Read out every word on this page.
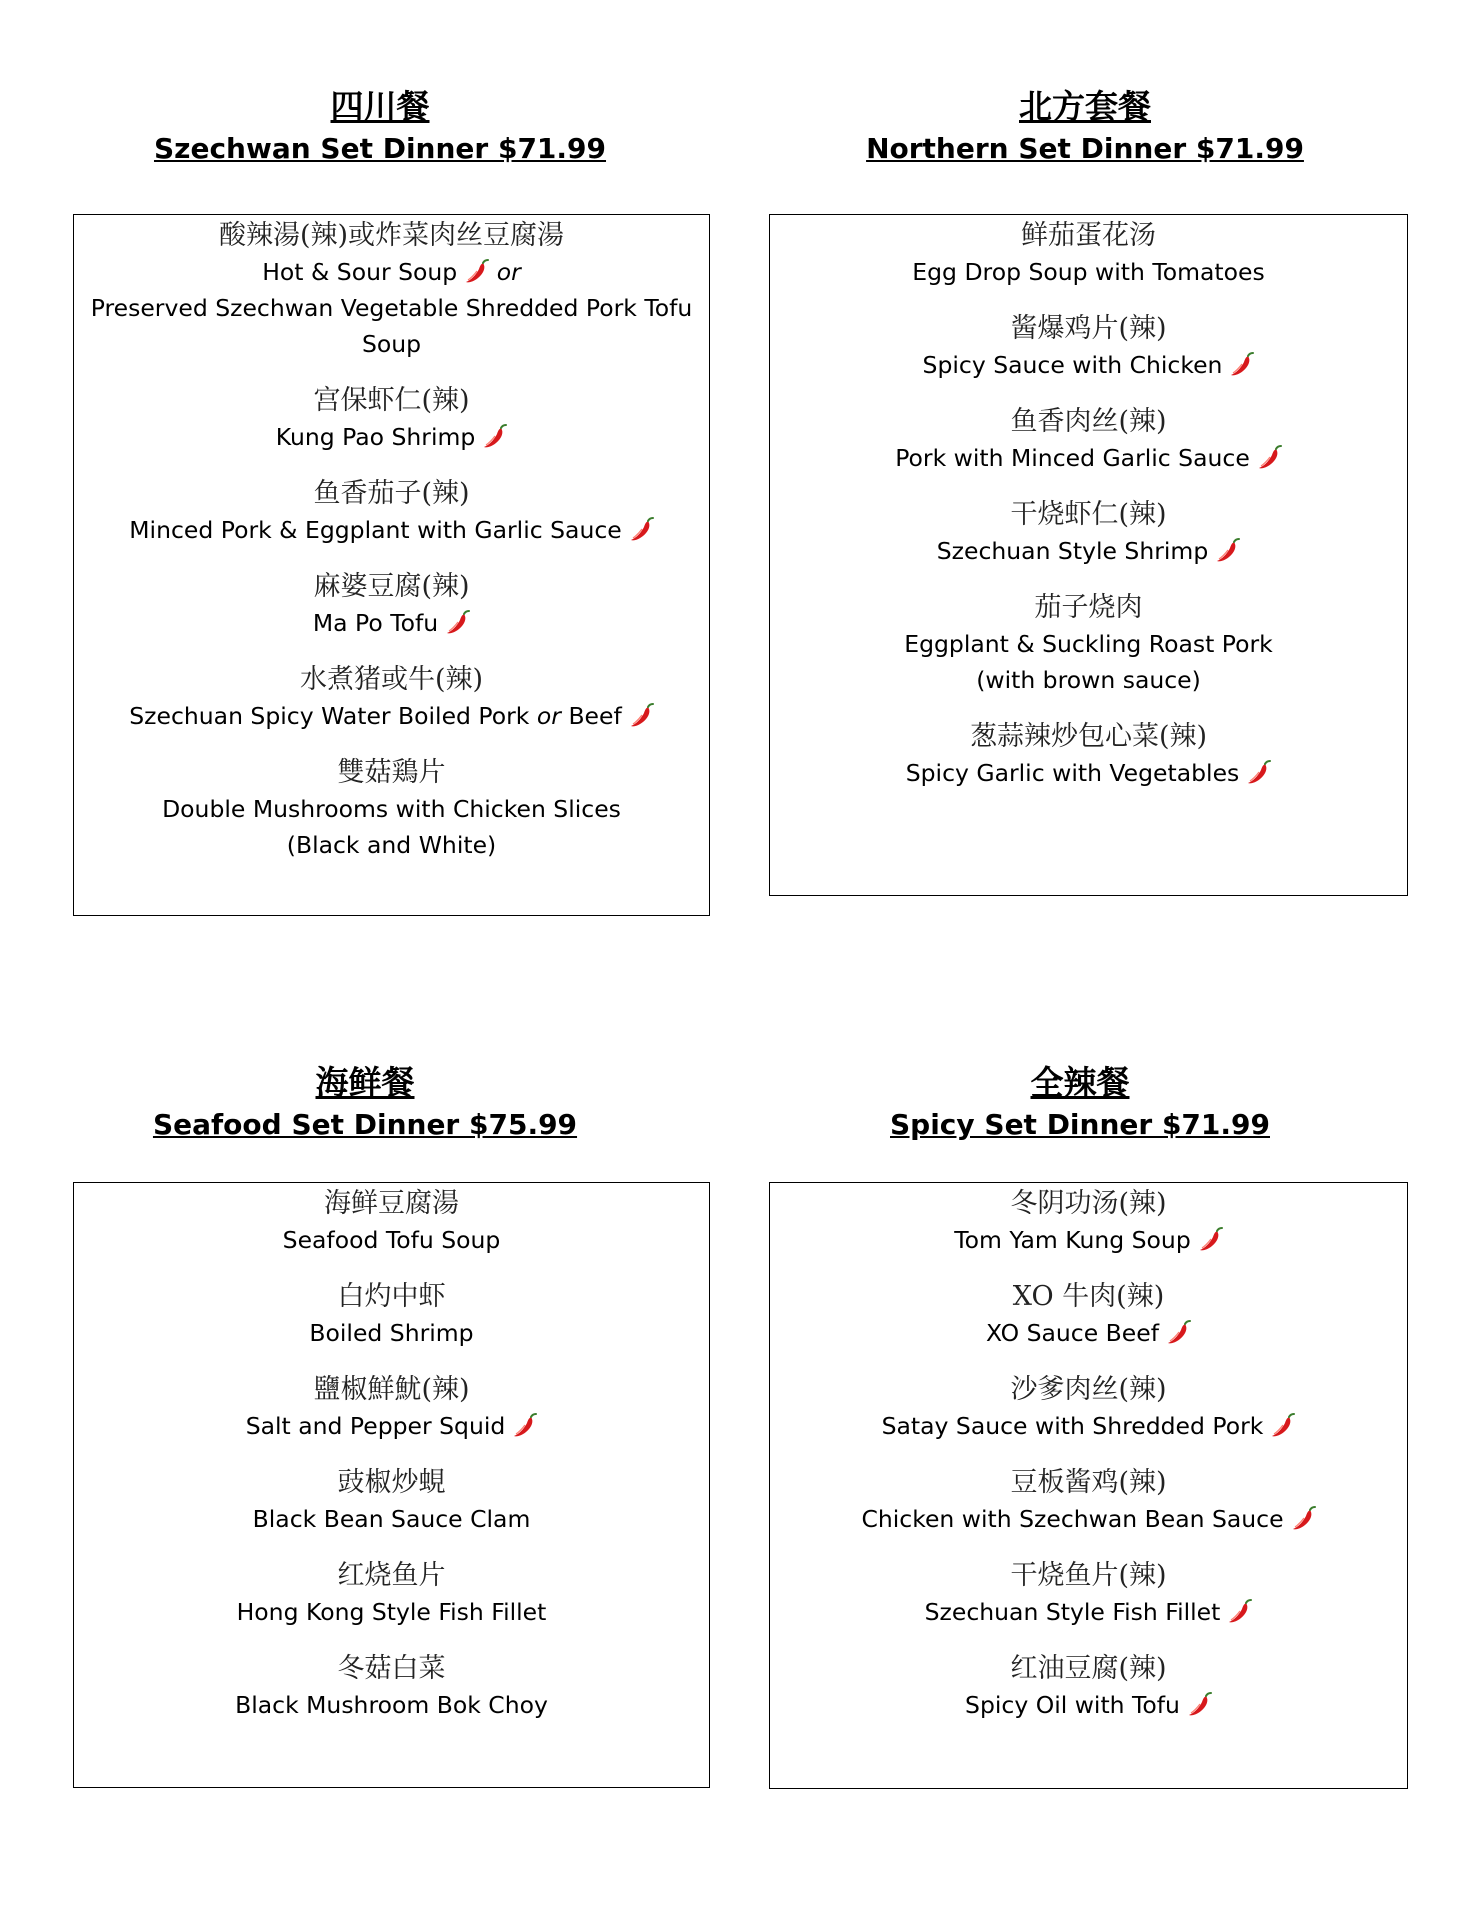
四川餐
Szechwan Set Dinner $71.99
酸辣湯(辣)或炸菜肉丝豆腐湯
Hot & Sour Soup or
Preserved Szechwan Vegetable Shredded Pork Tofu
Soup
宫保虾仁(辣)
Kung Pao Shrimp
鱼香茄子(辣)
Minced Pork & Eggplant with Garlic Sauce
麻婆豆腐(辣)
Ma Po Tofu
水煮猪或牛(辣)
Szechuan Spicy Water Boiled Pork or Beef
雙菇鶏片
Double Mushrooms with Chicken Slices
(Black and White)
北方套餐
Northern Set Dinner $71.99
鲜茄蛋花汤
Egg Drop Soup with Tomatoes
酱爆鸡片(辣)
Spicy Sauce with Chicken
鱼香肉丝(辣)
Pork with Minced Garlic Sauce
干烧虾仁(辣)
Szechuan Style Shrimp
茄子烧肉
Eggplant & Suckling Roast Pork
(with brown sauce)
葱蒜辣炒包心菜(辣)
Spicy Garlic with Vegetables
海鲜餐
Seafood Set Dinner $75.99
海鲜豆腐湯
Seafood Tofu Soup
白灼中虾
Boiled Shrimp
鹽椒鮮魷(辣)
Salt and Pepper Squid
豉椒炒蜆
Black Bean Sauce Clam
红烧鱼片
Hong Kong Style Fish Fillet
冬菇白菜
Black Mushroom Bok Choy
全辣餐
Spicy Set Dinner $71.99
冬阴功汤(辣)
Tom Yam Kung Soup
XO 牛肉(辣)
XO Sauce Beef
沙爹肉丝(辣)
Satay Sauce with Shredded Pork
豆板酱鸡(辣)
Chicken with Szechwan Bean Sauce
干烧鱼片(辣)
Szechuan Style Fish Fillet
红油豆腐(辣)
Spicy Oil with Tofu
